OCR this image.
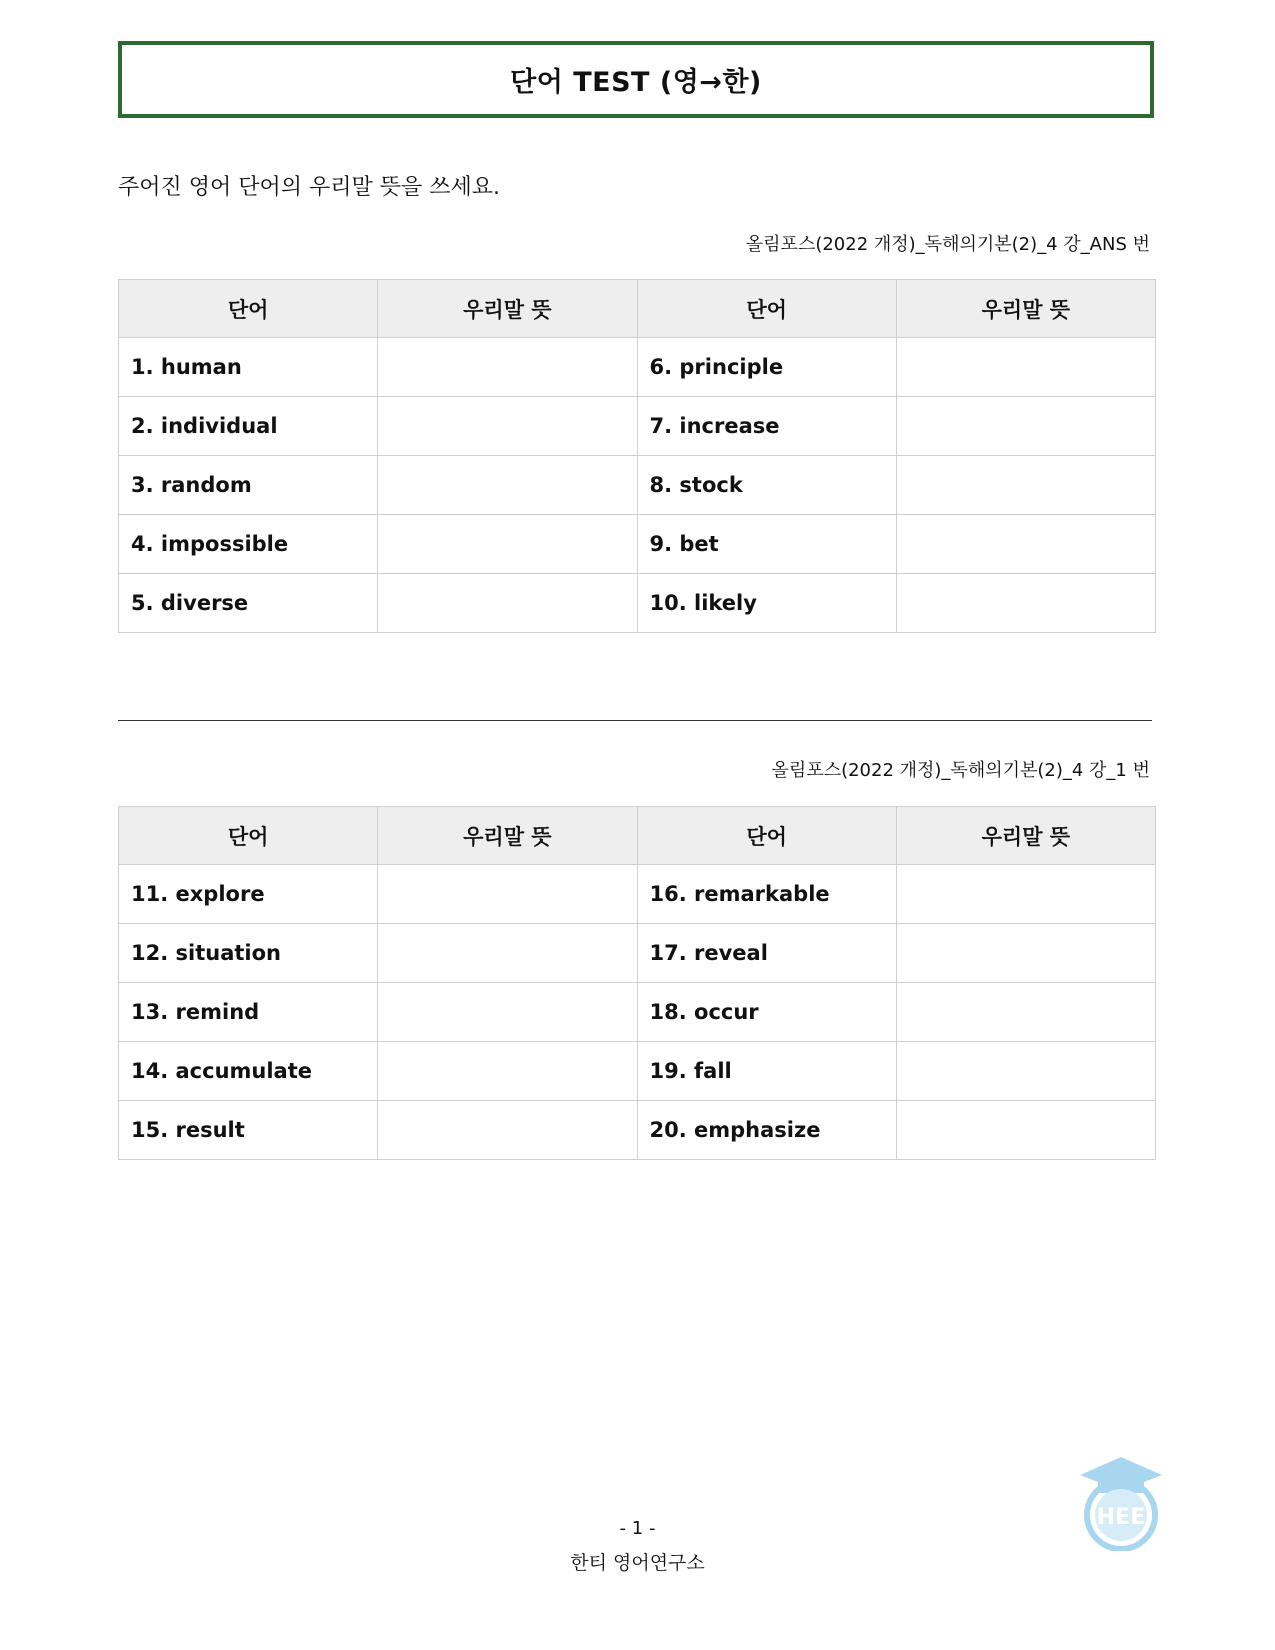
단어 TEST (영→한)
주어진 영어 단어의 우리말 뜻을 쓰세요.
올림포스(2022 개정)_독해의기본(2)_4 강_ANS 번
단어	우리말 뜻	단어	우리말 뜻
1. human		6. principle	
2. individual		7. increase	
3. random		8. stock	
4. impossible		9. bet	
5. diverse		10. likely	
올림포스(2022 개정)_독해의기본(2)_4 강_1 번
단어	우리말 뜻	단어	우리말 뜻
11. explore		16. remarkable	
12. situation		17. reveal	
13. remind		18. occur	
14. accumulate		19. fall	
15. result		20. emphasize	
- 1 -
한티 영어연구소
HEE
